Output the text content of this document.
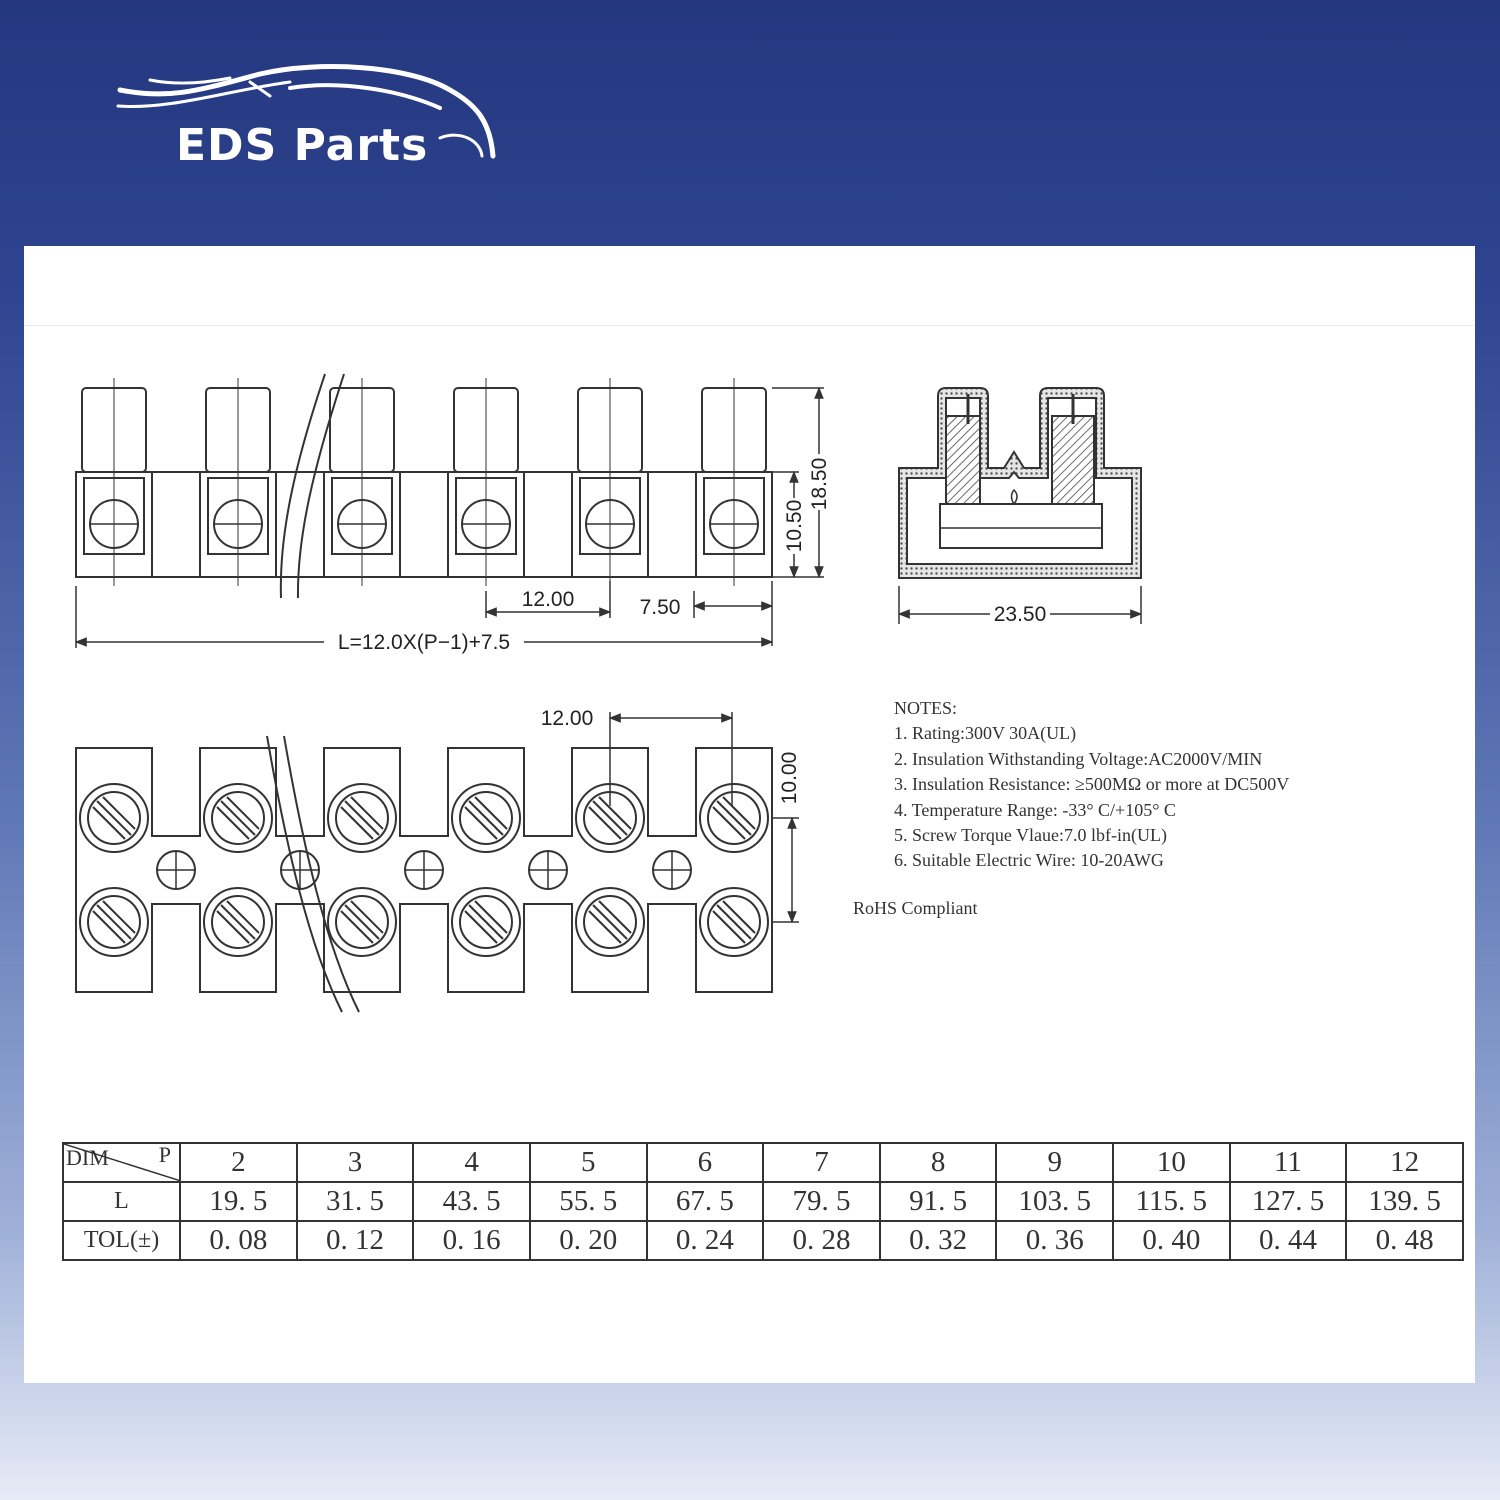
EDS Parts
12.00	7.50
L=12.0X(P−1)+7.5
10.50
18.50
23.50
12.00
10.00

NOTES:

1. Rating:300V 30A(UL)
2. Insulation Withstanding Voltage:AC2000V/MIN
3. Insulation Resistance: ≥500MΩ or more at DC500V
4. Temperature Range: -33° C/+105° C
5. Screw Torque Vlaue:7.0 lbf-in(UL)
6. Suitable Electric Wire: 10-20AWG
RoHS Compliant
DIM P	2	3	4	5	6	7	8	9	10	11	12
L	19. 5	31. 5	43. 5	55. 5	67. 5	79. 5	91. 5	103. 5	115. 5	127. 5	139. 5
TOL(±)	0. 08	0. 12	0. 16	0. 20	0. 24	0. 28	0. 32	0. 36	0. 40	0. 44	0. 48
